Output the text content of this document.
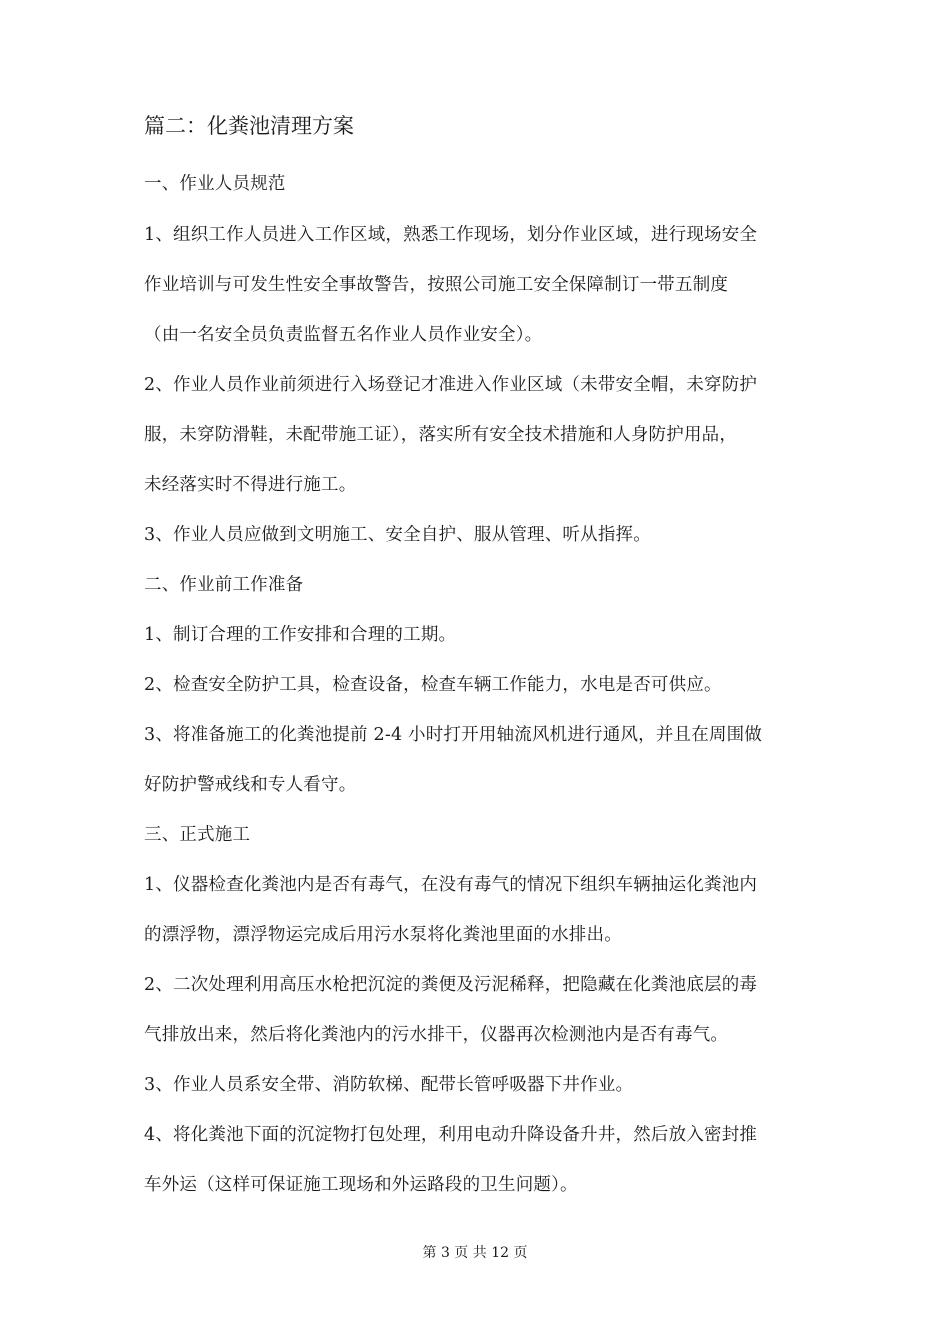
篇二：化粪池清理方案
一、作业人员规范
1、组织工作人员进入工作区域，熟悉工作现场，划分作业区域，进行现场安全
作业培训与可发生性安全事故警告，按照公司施工安全保障制订一带五制度
（由一名安全员负责监督五名作业人员作业安全）。
2、作业人员作业前须进行入场登记才准进入作业区域（未带安全帽，未穿防护
服，未穿防滑鞋，未配带施工证），落实所有安全技术措施和人身防护用品，
未经落实时不得进行施工。
3、作业人员应做到文明施工、安全自护、服从管理、听从指挥。
二、作业前工作准备
1、制订合理的工作安排和合理的工期。
2、检查安全防护工具，检查设备，检查车辆工作能力，水电是否可供应。
3、将准备施工的化粪池提前 2-4 小时打开用轴流风机进行通风，并且在周围做
好防护警戒线和专人看守。
三、正式施工
1、仪器检查化粪池内是否有毒气，在没有毒气的情况下组织车辆抽运化粪池内
的漂浮物，漂浮物运完成后用污水泵将化粪池里面的水排出。
2、二次处理利用高压水枪把沉淀的粪便及污泥稀释，把隐藏在化粪池底层的毒
气排放出来，然后将化粪池内的污水排干，仪器再次检测池内是否有毒气。
3、作业人员系安全带、消防软梯、配带长管呼吸器下井作业。
4、将化粪池下面的沉淀物打包处理，利用电动升降设备升井，然后放入密封推
车外运（这样可保证施工现场和外运路段的卫生问题）。
第 3 页 共 12 页
